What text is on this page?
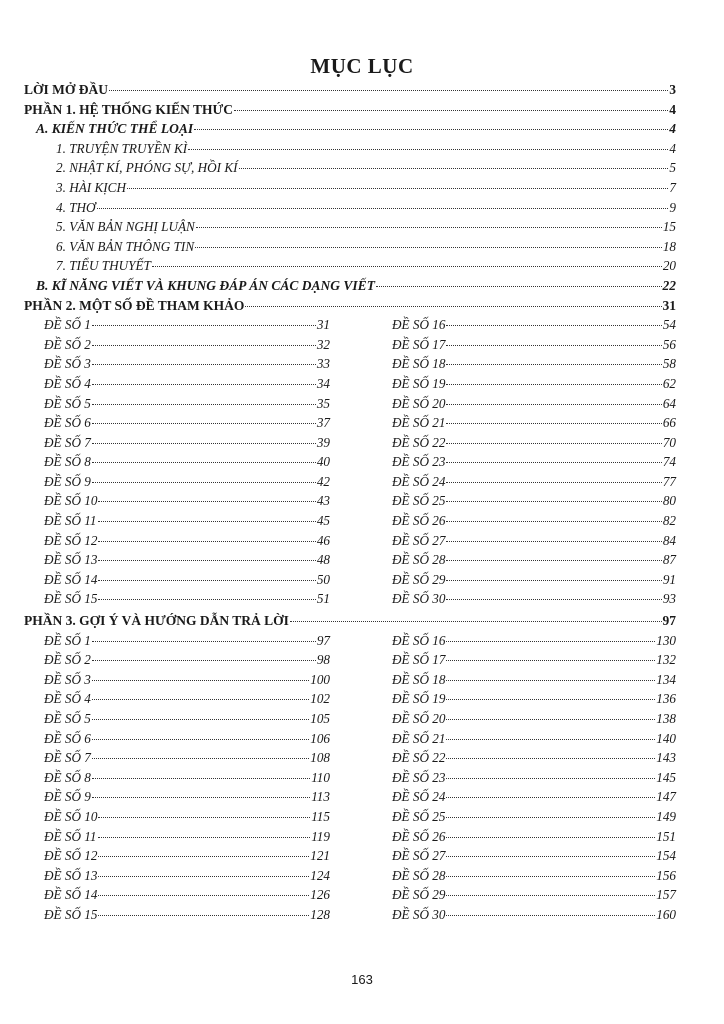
MỤC LỤC
LỜI MỞ ĐẦU	3
PHẦN 1. HỆ THỐNG KIẾN THỨC	4
A. KIẾN THỨC THỂ LOẠI	4
1. TRUYỆN TRUYỀN KÌ	4
2. NHẬT KÍ, PHÓNG SỰ, HỒI KÍ	5
3. HÀI KỊCH	7
4. THƠ	9
5. VĂN BẢN NGHỊ LUẬN	15
6. VĂN BẢN THÔNG TIN	18
7. TIỂU THUYẾT	20
B. KĨ NĂNG VIẾT VÀ KHUNG ĐÁP ÁN CÁC DẠNG VIẾT	22
PHẦN 2. MỘT SỐ ĐỀ THAM KHẢO	31
ĐỀ SỐ 1	31
ĐỀ SỐ 2	32
ĐỀ SỐ 3	33
ĐỀ SỐ 4	34
ĐỀ SỐ 5	35
ĐỀ SỐ 6	37
ĐỀ SỐ 7	39
ĐỀ SỐ 8	40
ĐỀ SỐ 9	42
ĐỀ SỐ 10	43
ĐỀ SỐ 11	45
ĐỀ SỐ 12	46
ĐỀ SỐ 13	48
ĐỀ SỐ 14	50
ĐỀ SỐ 15	51
ĐỀ SỐ 16	54
ĐỀ SỐ 17	56
ĐỀ SỐ 18	58
ĐỀ SỐ 19	62
ĐỀ SỐ 20	64
ĐỀ SỐ 21	66
ĐỀ SỐ 22	70
ĐỀ SỐ 23	74
ĐỀ SỐ 24	77
ĐỀ SỐ 25	80
ĐỀ SỐ 26	82
ĐỀ SỐ 27	84
ĐỀ SỐ 28	87
ĐỀ SỐ 29	91
ĐỀ SỐ 30	93
PHẦN 3. GỢI Ý VÀ HƯỚNG DẪN TRẢ LỜI	97
ĐỀ SỐ 1	97
ĐỀ SỐ 2	98
ĐỀ SỐ 3	100
ĐỀ SỐ 4	102
ĐỀ SỐ 5	105
ĐỀ SỐ 6	106
ĐỀ SỐ 7	108
ĐỀ SỐ 8	110
ĐỀ SỐ 9	113
ĐỀ SỐ 10	115
ĐỀ SỐ 11	119
ĐỀ SỐ 12	121
ĐỀ SỐ 13	124
ĐỀ SỐ 14	126
ĐỀ SỐ 15	128
ĐỀ SỐ 16	130
ĐỀ SỐ 17	132
ĐỀ SỐ 18	134
ĐỀ SỐ 19	136
ĐỀ SỐ 20	138
ĐỀ SỐ 21	140
ĐỀ SỐ 22	143
ĐỀ SỐ 23	145
ĐỀ SỐ 24	147
ĐỀ SỐ 25	149
ĐỀ SỐ 26	151
ĐỀ SỐ 27	154
ĐỀ SỐ 28	156
ĐỀ SỐ 29	157
ĐỀ SỐ 30	160
163
